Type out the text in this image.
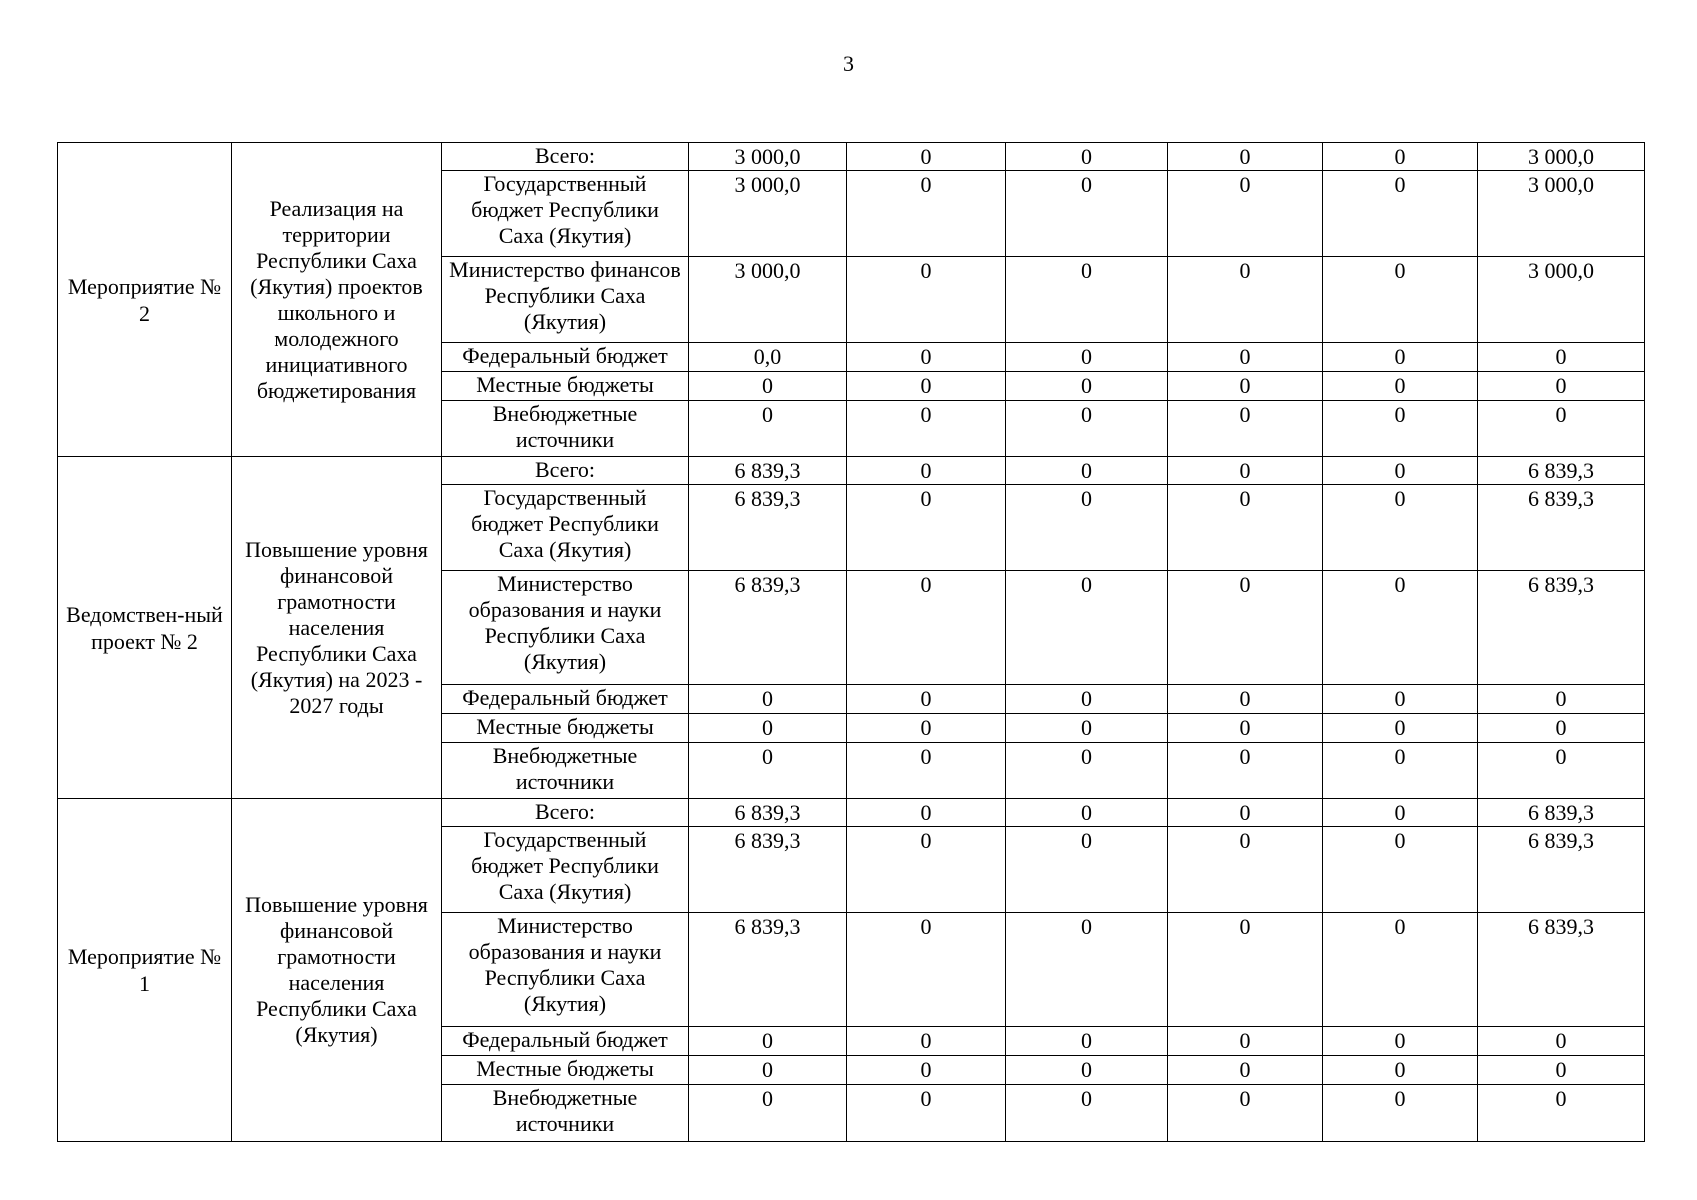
3
Мероприятие № 2	Реализация на территории Республики Саха (Якутия) проектов школьного и молодежного инициативного бюджетирования	Всего:	3 000,0	0	0	0	0	3 000,0
		Государственный бюджет Республики Саха (Якутия)	3 000,0	0	0	0	0	3 000,0
		Министерство финансов Республики Саха (Якутия)	3 000,0	0	0	0	0	3 000,0
		Федеральный бюджет	0,0	0	0	0	0	0
		Местные бюджеты	0	0	0	0	0	0
		Внебюджетные источники	0	0	0	0	0	0
Ведомствен-ный проект № 2	Повышение уровня финансовой грамотности населения Республики Саха (Якутия) на 2023 - 2027 годы	Всего:	6 839,3	0	0	0	0	6 839,3
		Государственный бюджет Республики Саха (Якутия)	6 839,3	0	0	0	0	6 839,3
		Министерство образования и науки Республики Саха (Якутия)	6 839,3	0	0	0	0	6 839,3
		Федеральный бюджет	0	0	0	0	0	0
		Местные бюджеты	0	0	0	0	0	0
		Внебюджетные источники	0	0	0	0	0	0
Мероприятие № 1	Повышение уровня финансовой грамотности населения Республики Саха (Якутия)	Всего:	6 839,3	0	0	0	0	6 839,3
		Государственный бюджет Республики Саха (Якутия)	6 839,3	0	0	0	0	6 839,3
		Министерство образования и науки Республики Саха (Якутия)	6 839,3	0	0	0	0	6 839,3
		Федеральный бюджет	0	0	0	0	0	0
		Местные бюджеты	0	0	0	0	0	0
		Внебюджетные источники	0	0	0	0	0	0
